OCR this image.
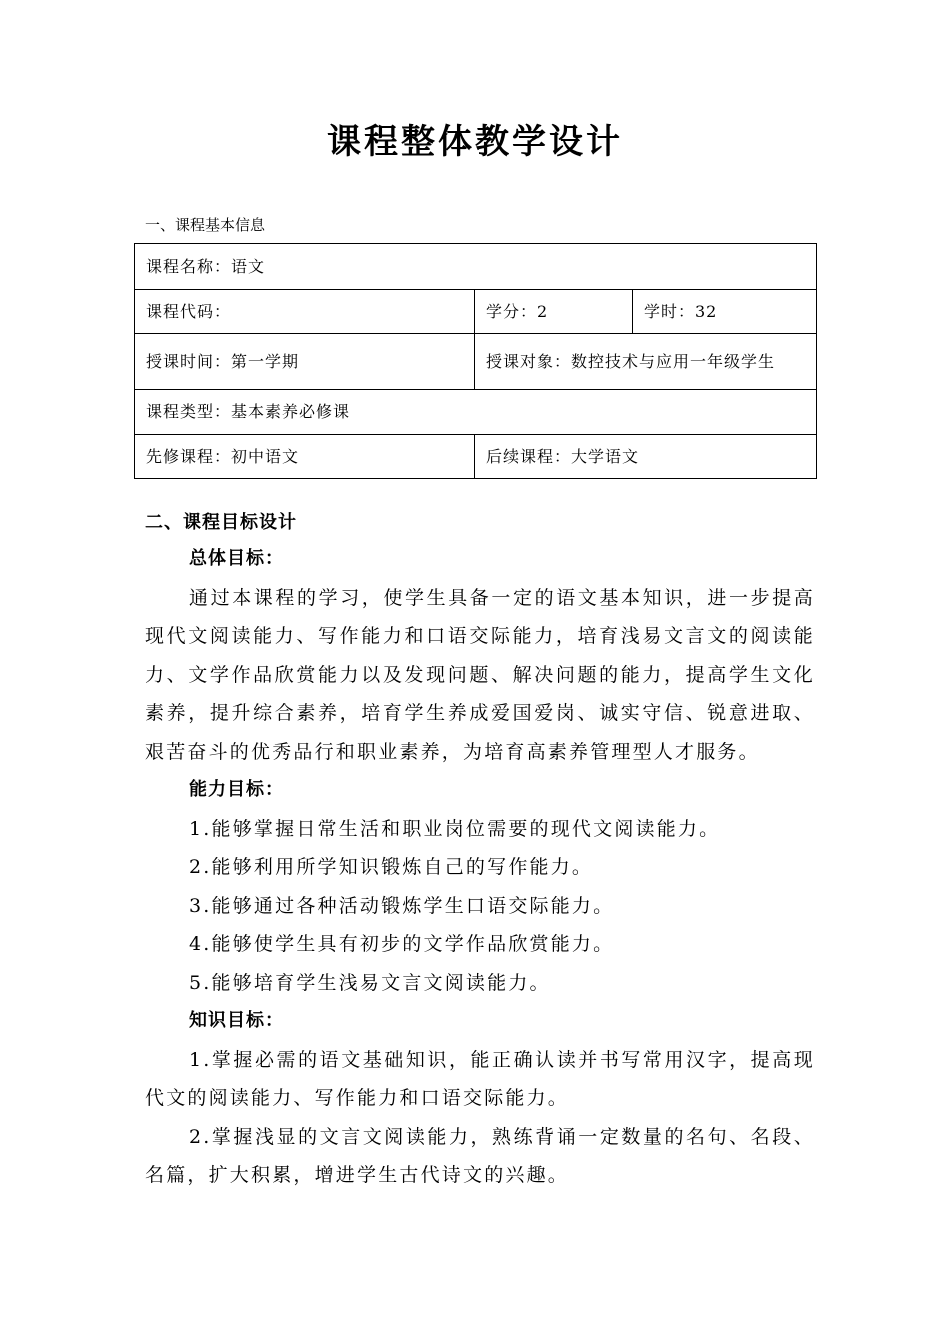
课程整体教学设计
一、课程基本信息
课程名称：语文		
课程代码：	学分：2	学时：32
授课时间：第一学期	授课对象：数控技术与应用一年级学生	
课程类型：基本素养必修课		
先修课程：初中语文	后续课程：大学语文	
二、课程目标设计
总体目标：
通过本课程的学习，使学生具备一定的语文基本知识，进一步提高现代文阅读能力、写作能力和口语交际能力，培育浅易文言文的阅读能力、文学作品欣赏能力以及发现问题、解决问题的能力，提高学生文化素养，提升综合素养，培育学生养成爱国爱岗、诚实守信、锐意进取、艰苦奋斗的优秀品行和职业素养，为培育高素养管理型人才服务。
能力目标：
1.能够掌握日常生活和职业岗位需要的现代文阅读能力。
2.能够利用所学知识锻炼自己的写作能力。
3.能够通过各种活动锻炼学生口语交际能力。
4.能够使学生具有初步的文学作品欣赏能力。
5.能够培育学生浅易文言文阅读能力。
知识目标：
1.掌握必需的语文基础知识，能正确认读并书写常用汉字，提高现代文的阅读能力、写作能力和口语交际能力。
2.掌握浅显的文言文阅读能力，熟练背诵一定数量的名句、名段、名篇，扩大积累，增进学生古代诗文的兴趣。
